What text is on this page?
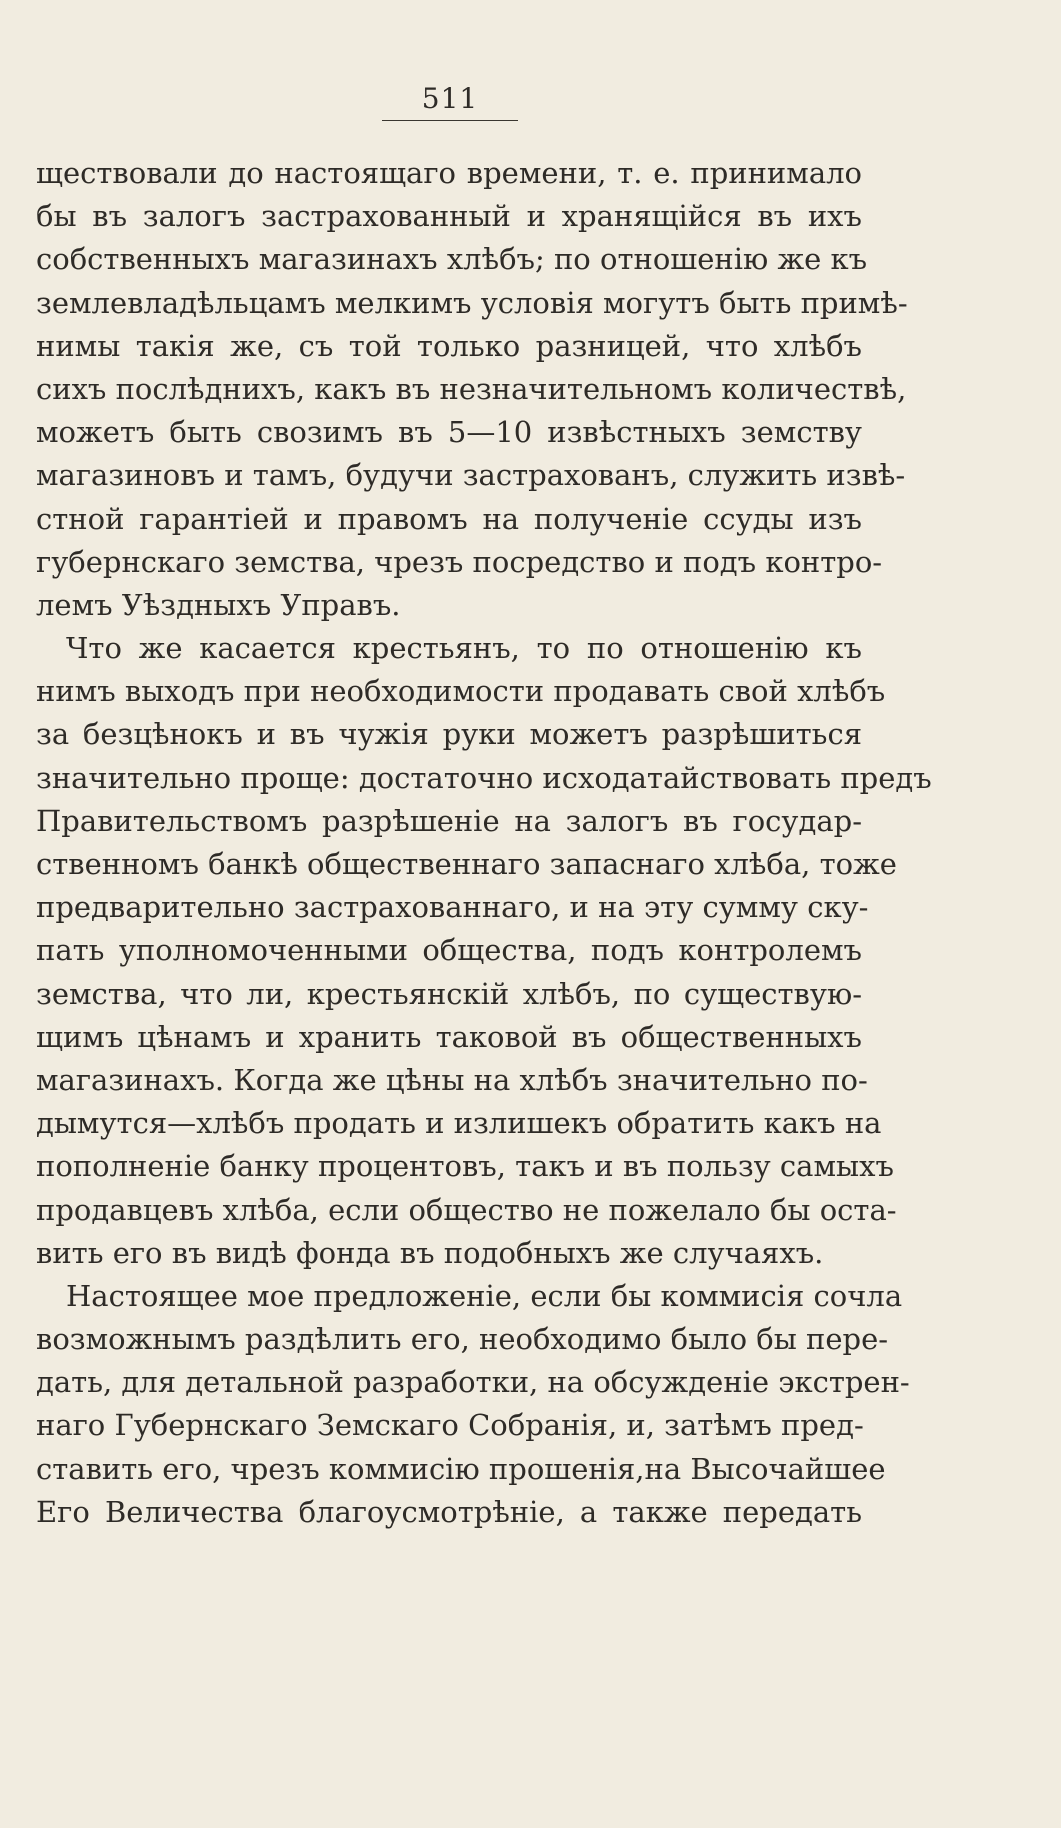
511
ществовали до настоящаго времени, т. е. принимало
бы въ залогъ застрахованный и хранящiйся въ ихъ
собственныхъ магазинахъ хлѣбъ; по отношенiю же къ
землевладѣльцамъ мелкимъ условiя могутъ быть примѣ-
нимы такiя же, съ той только разницей, что хлѣбъ
сихъ послѣднихъ, какъ въ незначительномъ количествѣ,
можетъ быть свозимъ въ 5—10 извѣстныхъ земству
магазиновъ и тамъ, будучи застрахованъ, служить извѣ-
стной гарантiей и правомъ на полученiе ссуды изъ
губернскаго земства, чрезъ посредство и подъ контро-
лемъ Уѣздныхъ Управъ.
Что же касается крестьянъ, то по отношенiю къ
нимъ выходъ при необходимости продавать свой хлѣбъ
за безцѣнокъ и въ чужiя руки можетъ разрѣшиться
значительно проще: достаточно исходатайствовать предъ
Правительствомъ разрѣшенiе на залогъ въ государ-
ственномъ банкѣ общественнаго запаснаго хлѣба, тоже
предварительно застрахованнаго, и на эту сумму ску-
пать уполномоченными общества, подъ контролемъ
земства, что ли, крестьянскiй хлѣбъ, по существую-
щимъ цѣнамъ и хранить таковой въ общественныхъ
магазинахъ. Когда же цѣны на хлѣбъ значительно по-
дымутся—хлѣбъ продать и излишекъ обратить какъ на
пополненiе банку процентовъ, такъ и въ пользу самыхъ
продавцевъ хлѣба, если общество не пожелало бы оста-
вить его въ видѣ фонда въ подобныхъ же случаяхъ.
Настоящее мое предложенiе, если бы коммисiя сочла
возможнымъ раздѣлить его, необходимо было бы пере-
дать, для детальной разработки, на обсужденiе экстрен-
наго Губернскаго Земскаго Собранiя, и, затѣмъ пред-
ставить его, чрезъ коммисiю прошенiя,на Высочайшее
Его Величества благоусмотрѣнiе, а также передать
